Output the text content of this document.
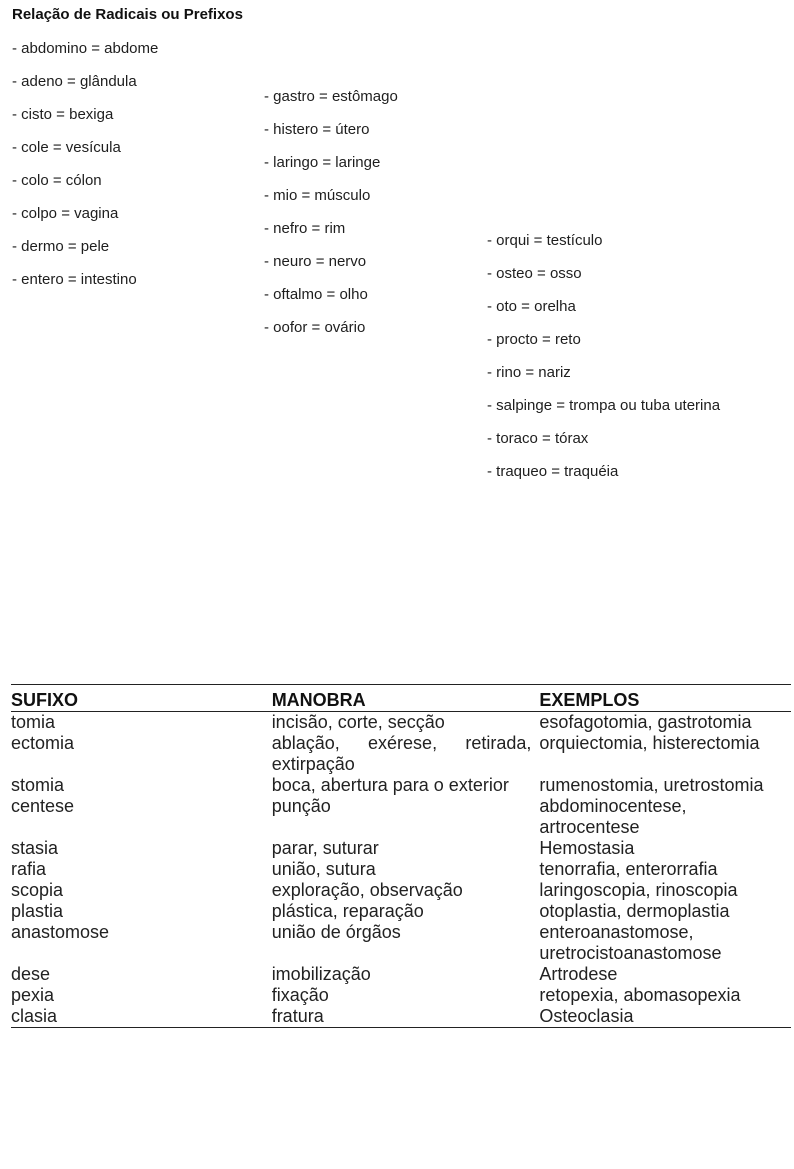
Relação de Radicais ou Prefixos
- abdomino = abdome
- adeno = glândula
- cisto = bexiga
- cole = vesícula
- colo = cólon
- colpo = vagina
- dermo = pele
- entero = intestino
- gastro = estômago
- histero = útero
- laringo = laringe
- mio = músculo
- nefro = rim
- neuro = nervo
- oftalmo = olho
- oofor = ovário
- orqui = testículo
- osteo = osso
- oto = orelha
- procto = reto
- rino = nariz
- salpinge = trompa ou tuba uterina
- toraco = tórax
- traqueo = traquéia
SUFIXO	MANOBRA	EXEMPLOS
tomia	incisão, corte, secção	esofagotomia, gastrotomia
ectomia	ablação, exérese, retirada, extirpação	orquiectomia, histerectomia
stomia	boca, abertura para o exterior	rumenostomia, uretrostomia
centese	punção	abdominocentese, artrocentese
stasia	parar, suturar	Hemostasia
rafia	união, sutura	tenorrafia, enterorrafia
scopia	exploração, observação	laringoscopia, rinoscopia
plastia	plástica, reparação	otoplastia, dermoplastia
anastomose	união de órgãos	enteroanastomose, uretrocistoanastomose
dese	imobilização	Artrodese
pexia	fixação	retopexia, abomasopexia
clasia	fratura	Osteoclasia
